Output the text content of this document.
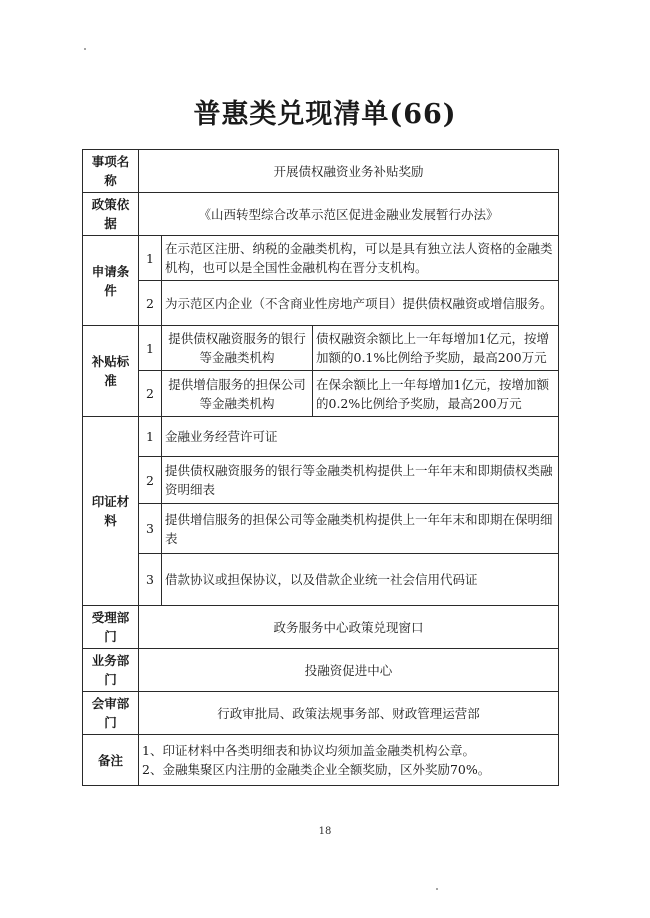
普惠类兑现清单(66)
事项名称	开展债权融资业务补贴奖励		
政策依据	《山西转型综合改革示范区促进金融业发展暂行办法》		
申请条件	1	在示范区注册、纳税的金融类机构，可以是具有独立法人资格的金融类机构，也可以是全国性金融机构在晋分支机构。	
	2	为示范区内企业（不含商业性房地产项目）提供债权融资或增信服务。	
补贴标准	1	提供债权融资服务的银行等金融类机构	债权融资余额比上一年每增加1亿元，按增加额的0.1%比例给予奖励，最高200万元
	2	提供增信服务的担保公司等金融类机构	在保余额比上一年每增加1亿元，按增加额的0.2%比例给予奖励，最高200万元
印证材料	1	金融业务经营许可证	
	2	提供债权融资服务的银行等金融类机构提供上一年年末和即期债权类融资明细表	
	3	提供增信服务的担保公司等金融类机构提供上一年年末和即期在保明细表	
	3	借款协议或担保协议，以及借款企业统一社会信用代码证	
受理部门	政务服务中心政策兑现窗口		
业务部门	投融资促进中心		
会审部门	行政审批局、政策法规事务部、财政管理运营部		
备注	1、印证材料中各类明细表和协议均须加盖金融类机构公章。
2、金融集聚区内注册的金融类企业全额奖励，区外奖励70%。		
18
